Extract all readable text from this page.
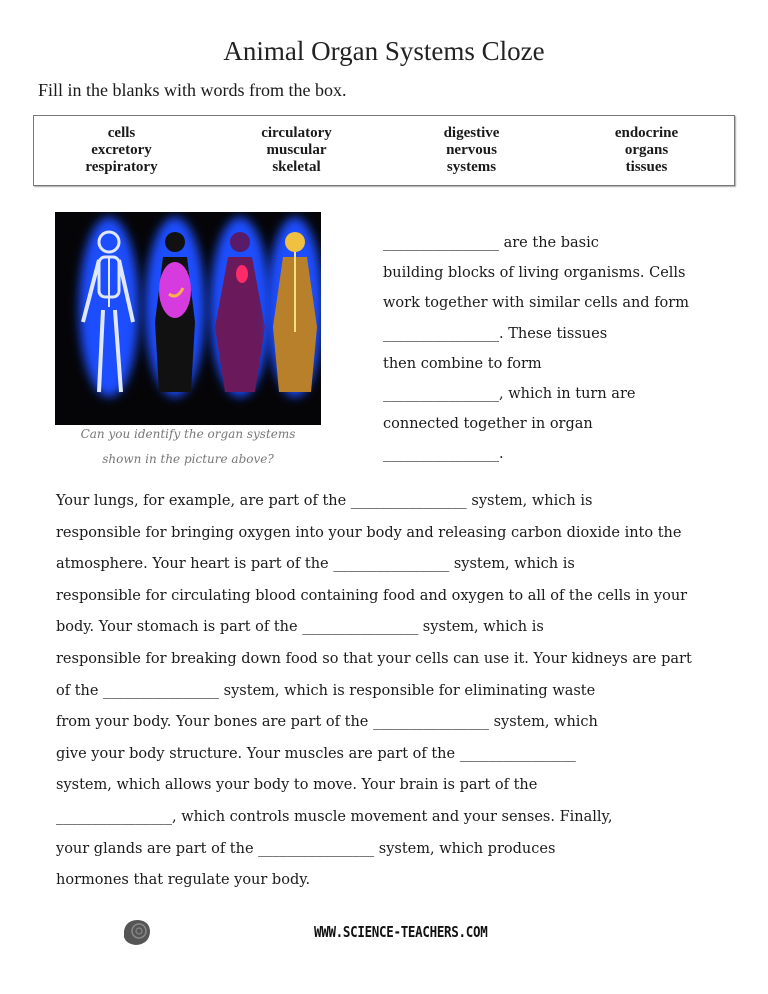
Animal Organ Systems Cloze
Fill in the blanks with words from the box.
cells
excretory
respiratory
circulatory
muscular
skeletal
digestive
nervous
systems
endocrine
organs
tissues
Can you identify the organ systems
shown in the picture above?
________________ are the basic
building blocks of living organisms. Cells
work together with similar cells and form
________________. These tissues
then combine to form
________________, which in turn are
connected together in organ
________________.
Your lungs, for example, are part of the ________________ system, which is
responsible for bringing oxygen into your body and releasing carbon dioxide into the
atmosphere. Your heart is part of the ________________ system, which is
responsible for circulating blood containing food and oxygen to all of the cells in your
body. Your stomach is part of the ________________ system, which is
responsible for breaking down food so that your cells can use it. Your kidneys are part
of the ________________ system, which is responsible for eliminating waste
from your body. Your bones are part of the ________________ system, which
give your body structure. Your muscles are part of the ________________
system, which allows your body to move. Your brain is part of the
________________, which controls muscle movement and your senses. Finally,
your glands are part of the ________________ system, which produces
hormones that regulate your body.
WWW.SCIENCE-TEACHERS.COM
